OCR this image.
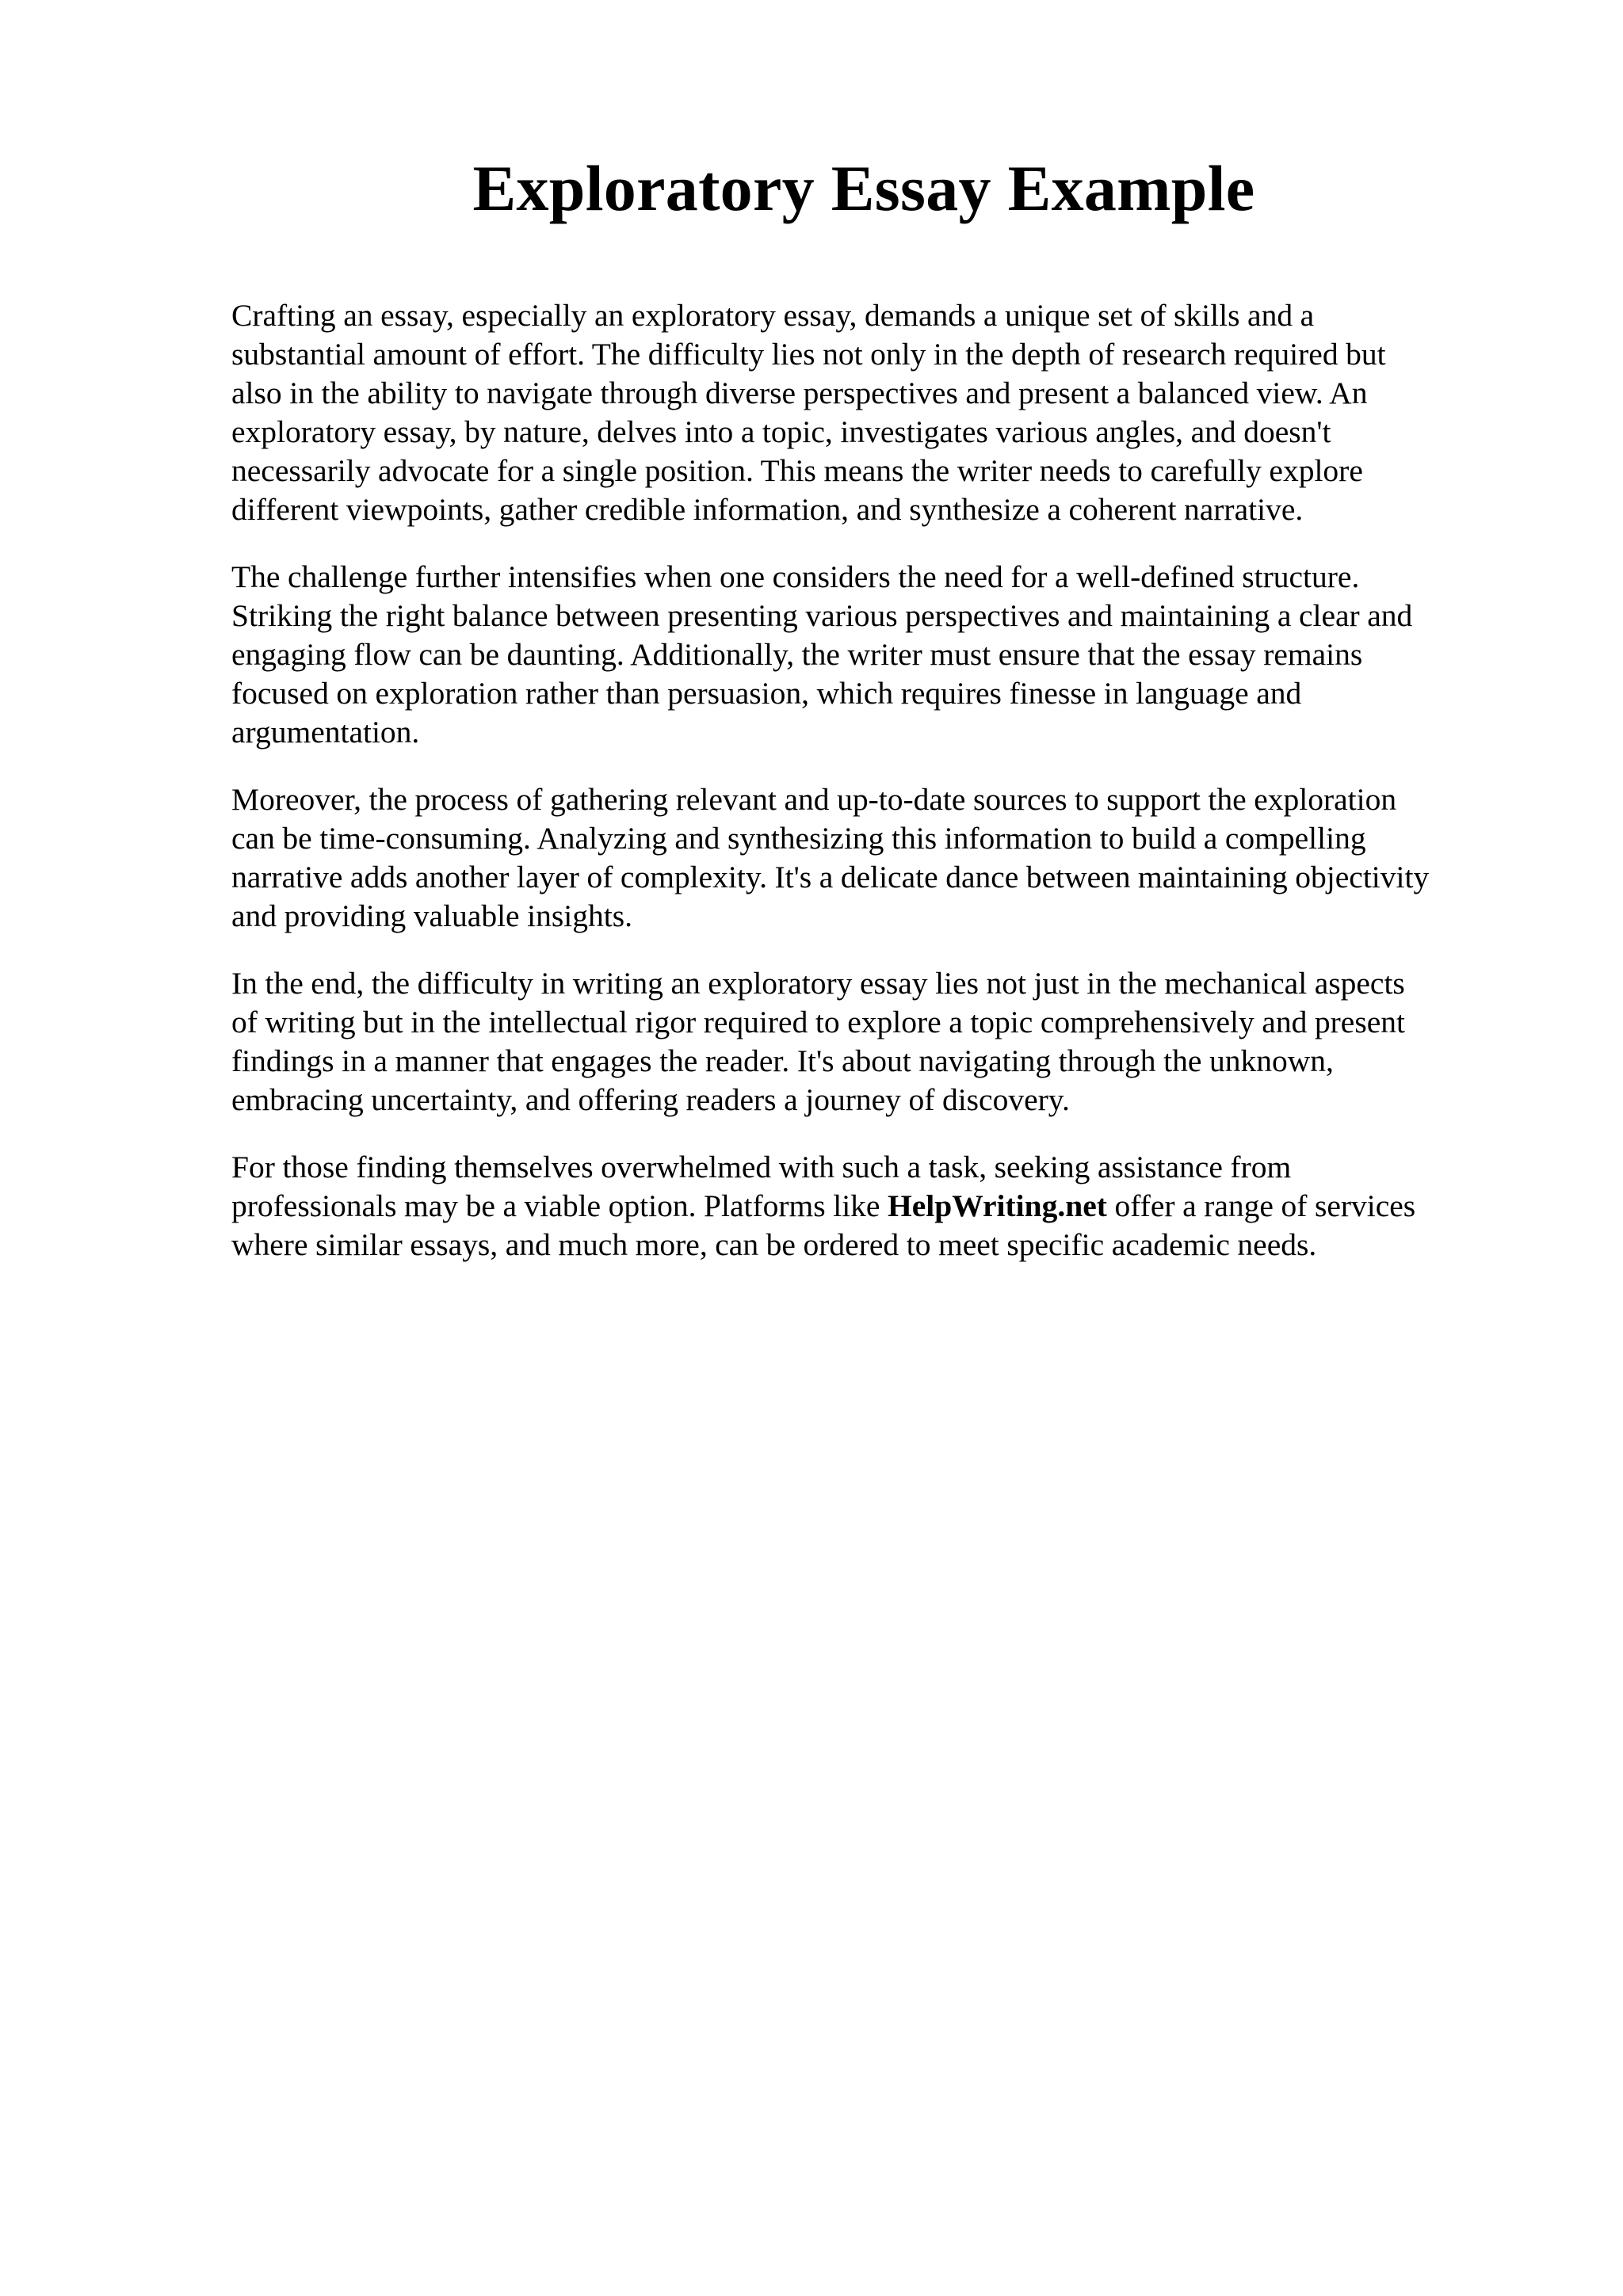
Exploratory Essay Example

Crafting an essay, especially an exploratory essay, demands a unique set of skills and a
substantial amount of effort. The difficulty lies not only in the depth of research required but
also in the ability to navigate through diverse perspectives and present a balanced view. An
exploratory essay, by nature, delves into a topic, investigates various angles, and doesn't
necessarily advocate for a single position. This means the writer needs to carefully explore
different viewpoints, gather credible information, and synthesize a coherent narrative.

The challenge further intensifies when one considers the need for a well-defined structure.
Striking the right balance between presenting various perspectives and maintaining a clear and
engaging flow can be daunting. Additionally, the writer must ensure that the essay remains
focused on exploration rather than persuasion, which requires finesse in language and
argumentation.

Moreover, the process of gathering relevant and up-to-date sources to support the exploration
can be time-consuming. Analyzing and synthesizing this information to build a compelling
narrative adds another layer of complexity. It's a delicate dance between maintaining objectivity
and providing valuable insights.

In the end, the difficulty in writing an exploratory essay lies not just in the mechanical aspects
of writing but in the intellectual rigor required to explore a topic comprehensively and present
findings in a manner that engages the reader. It's about navigating through the unknown,
embracing uncertainty, and offering readers a journey of discovery.

For those finding themselves overwhelmed with such a task, seeking assistance from
professionals may be a viable option. Platforms like HelpWriting.net offer a range of services
where similar essays, and much more, can be ordered to meet specific academic needs.
